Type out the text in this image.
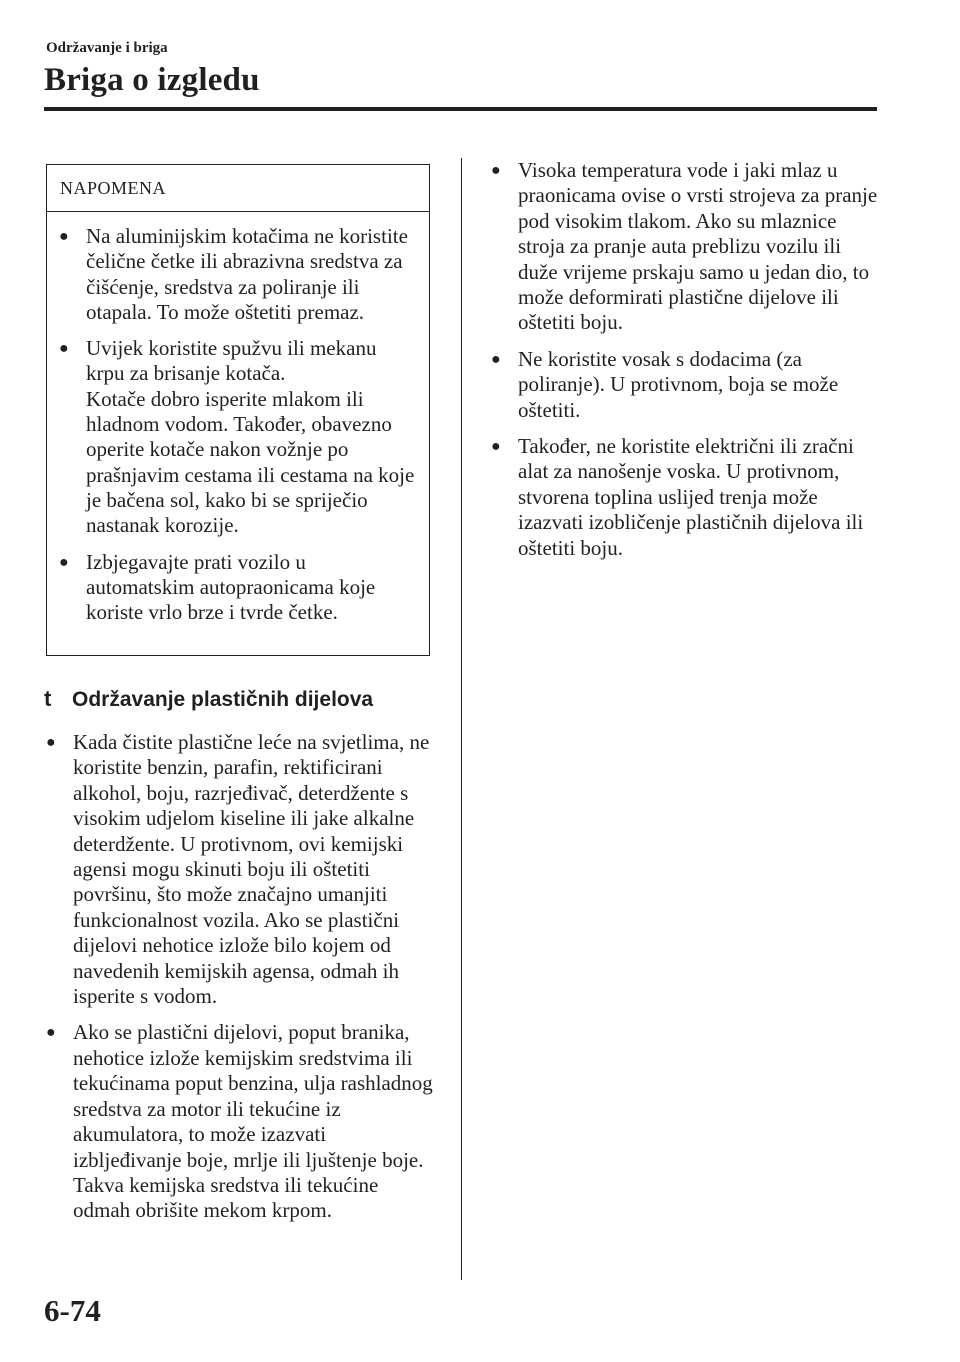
Održavanje i briga
Briga o izgledu
NAPOMENA
● Na aluminijskim kotačima ne koristite čelične četke ili abrazivna sredstva za čišćenje, sredstva za poliranje ili otapala. To može oštetiti premaz.
● Uvijek koristite spužvu ili mekanu krpu za brisanje kotača.
Kotače dobro isperite mlakom ili hladnom vodom. Također, obavezno operite kotače nakon vožnje po prašnjavim cestama ili cestama na koje je bačena sol, kako bi se spriječio nastanak korozije.
● Izbjegavajte prati vozilo u automatskim autopraonicama koje koriste vrlo brze i tvrde četke.
t Održavanje plastičnih dijelova
● Kada čistite plastične leće na svjetlima, ne koristite benzin, parafin, rektificirani alkohol, boju, razrjeđivač, deterdžente s visokim udjelom kiseline ili jake alkalne deterdžente. U protivnom, ovi kemijski agensi mogu skinuti boju ili oštetiti površinu, što može značajno umanjiti funkcionalnost vozila. Ako se plastični dijelovi nehotice izlože bilo kojem od navedenih kemijskih agensa, odmah ih isperite s vodom.
● Ako se plastični dijelovi, poput branika, nehotice izlože kemijskim sredstvima ili tekućinama poput benzina, ulja rashladnog sredstva za motor ili tekućine iz akumulatora, to može izazvati izblјeđivanje boje, mrlje ili ljuštenje boje. Takva kemijska sredstva ili tekućine odmah obrišite mekom krpom.
● Visoka temperatura vode i jaki mlaz u praonicama ovise o vrsti strojeva za pranje pod visokim tlakom. Ako su mlaznice stroja za pranje auta preblizu vozilu ili duže vrijeme prskaju samo u jedan dio, to može deformirati plastične dijelove ili oštetiti boju.
● Ne koristite vosak s dodacima (za poliranje). U protivnom, boja se može oštetiti.
● Također, ne koristite električni ili zračni alat za nanošenje voska. U protivnom, stvorena toplina uslijed trenja može izazvati izobličenje plastičnih dijelova ili oštetiti boju.
6-74
